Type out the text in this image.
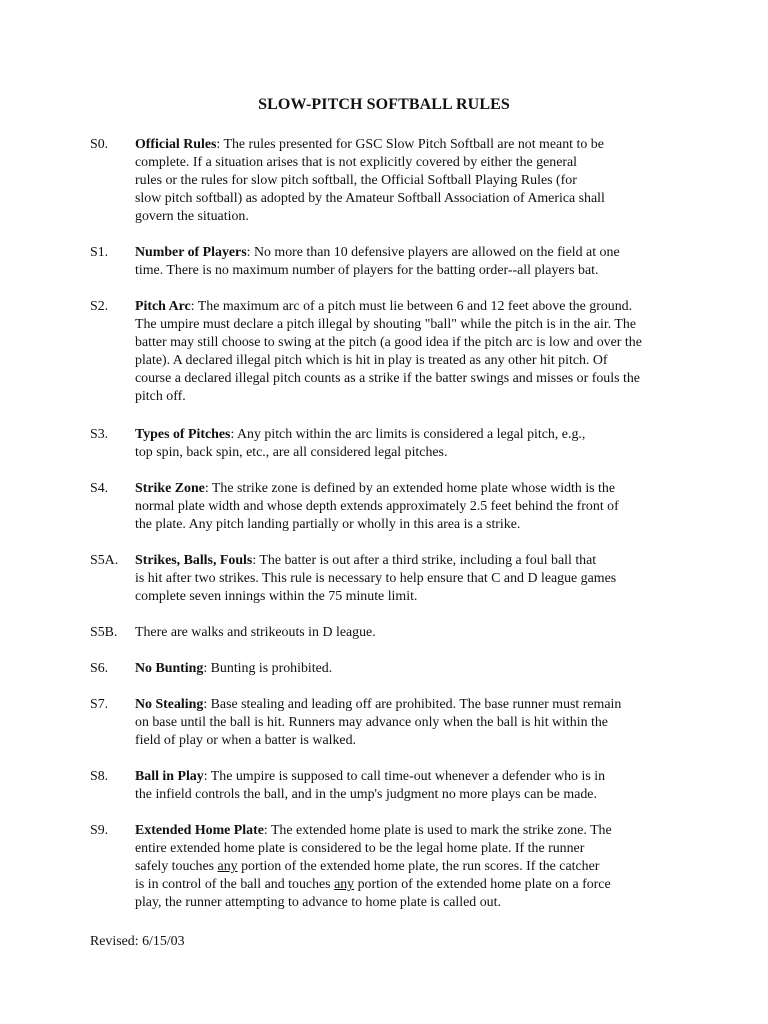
SLOW-PITCH SOFTBALL RULES
S0. Official Rules: The rules presented for GSC Slow Pitch Softball are not meant to be
complete. If a situation arises that is not explicitly covered by either the general
rules or the rules for slow pitch softball, the Official Softball Playing Rules (for
slow pitch softball) as adopted by the Amateur Softball Association of America shall
govern the situation.
S1. Number of Players: No more than 10 defensive players are allowed on the field at one
time. There is no maximum number of players for the batting order--all players bat.
S2. Pitch Arc: The maximum arc of a pitch must lie between 6 and 12 feet above the ground.
The umpire must declare a pitch illegal by shouting "ball" while the pitch is in the air. The
batter may still choose to swing at the pitch (a good idea if the pitch arc is low and over the
plate). A declared illegal pitch which is hit in play is treated as any other hit pitch. Of
course a declared illegal pitch counts as a strike if the batter swings and misses or fouls the
pitch off.
S3. Types of Pitches: Any pitch within the arc limits is considered a legal pitch, e.g.,
top spin, back spin, etc., are all considered legal pitches.
S4. Strike Zone: The strike zone is defined by an extended home plate whose width is the
normal plate width and whose depth extends approximately 2.5 feet behind the front of
the plate. Any pitch landing partially or wholly in this area is a strike.
S5A. Strikes, Balls, Fouls: The batter is out after a third strike, including a foul ball that
is hit after two strikes. This rule is necessary to help ensure that C and D league games
complete seven innings within the 75 minute limit.
S5B. There are walks and strikeouts in D league.
S6. No Bunting: Bunting is prohibited.
S7. No Stealing: Base stealing and leading off are prohibited. The base runner must remain
on base until the ball is hit. Runners may advance only when the ball is hit within the
field of play or when a batter is walked.
S8. Ball in Play: The umpire is supposed to call time-out whenever a defender who is in
the infield controls the ball, and in the ump's judgment no more plays can be made.
S9. Extended Home Plate: The extended home plate is used to mark the strike zone. The
entire extended home plate is considered to be the legal home plate. If the runner
safely touches any portion of the extended home plate, the run scores. If the catcher
is in control of the ball and touches any portion of the extended home plate on a force
play, the runner attempting to advance to home plate is called out.
Revised: 6/15/03
